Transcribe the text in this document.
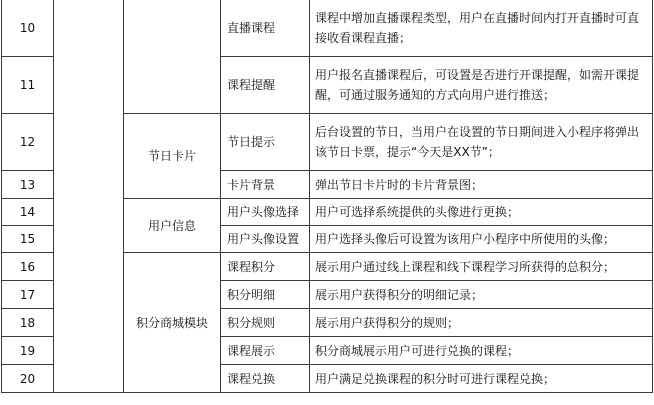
10			直播课程	课程中增加直播课程类型，用户在直播时间内打开直播时可直接收看课程直播；
11			课程提醒	用户报名直播课程后，可设置是否进行开课提醒，如需开课提醒，可通过服务通知的方式向用户进行推送；
12		节日卡片	节日提示	后台设置的节日，当用户在设置的节日期间进入小程序将弹出该节日卡票，提示“今天是XX节”；
13			卡片背景	弹出节日卡片时的卡片背景图；
14		用户信息	用户头像选择	用户可选择系统提供的头像进行更换；
15			用户头像设置	用户选择头像后可设置为该用户小程序中所使用的头像；
16		积分商城模块	课程积分	展示用户通过线上课程和线下课程学习所获得的总积分；
17			积分明细	展示用户获得积分的明细记录；
18			积分规则	展示用户获得积分的规则；
19			课程展示	积分商城展示用户可进行兑换的课程；
20			课程兑换	用户满足兑换课程的积分时可进行课程兑换；
